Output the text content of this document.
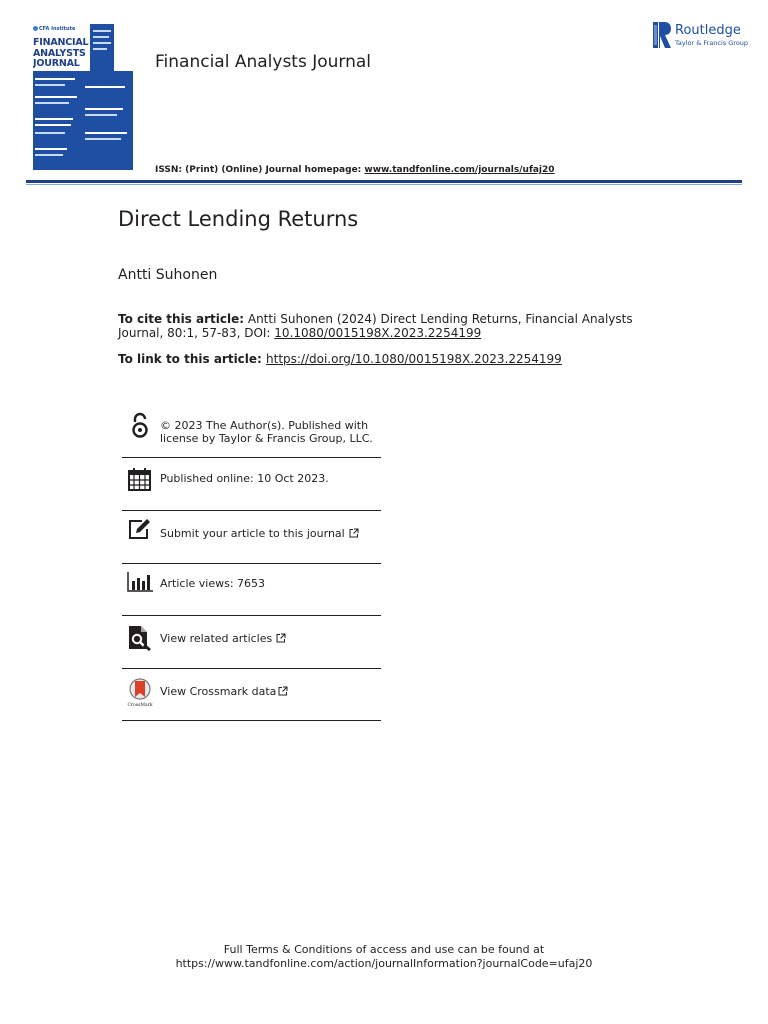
CFA Institute
FINANCIAL
ANALYSTS
JOURNAL	Financial Analysts Journal
ISSN: (Print) (Online) Journal homepage: www.tandfonline.com/journals/ufaj20
Routledge
Taylor & Francis Group
Direct Lending Returns
Antti Suhonen
To cite this article: Antti Suhonen (2024) Direct Lending Returns, Financial Analysts Journal, 80:1, 57-83, DOI: 10.1080/0015198X.2023.2254199
To link to this article: https://doi.org/10.1080/0015198X.2023.2254199
© 2023 The Author(s). Published with
license by Taylor & Francis Group, LLC.
Published online: 10 Oct 2023.
Submit your article to this journal
Article views: 7653
View related articles
CrossMark
View Crossmark data
Full Terms & Conditions of access and use can be found at
https://www.tandfonline.com/action/journalInformation?journalCode=ufaj20
